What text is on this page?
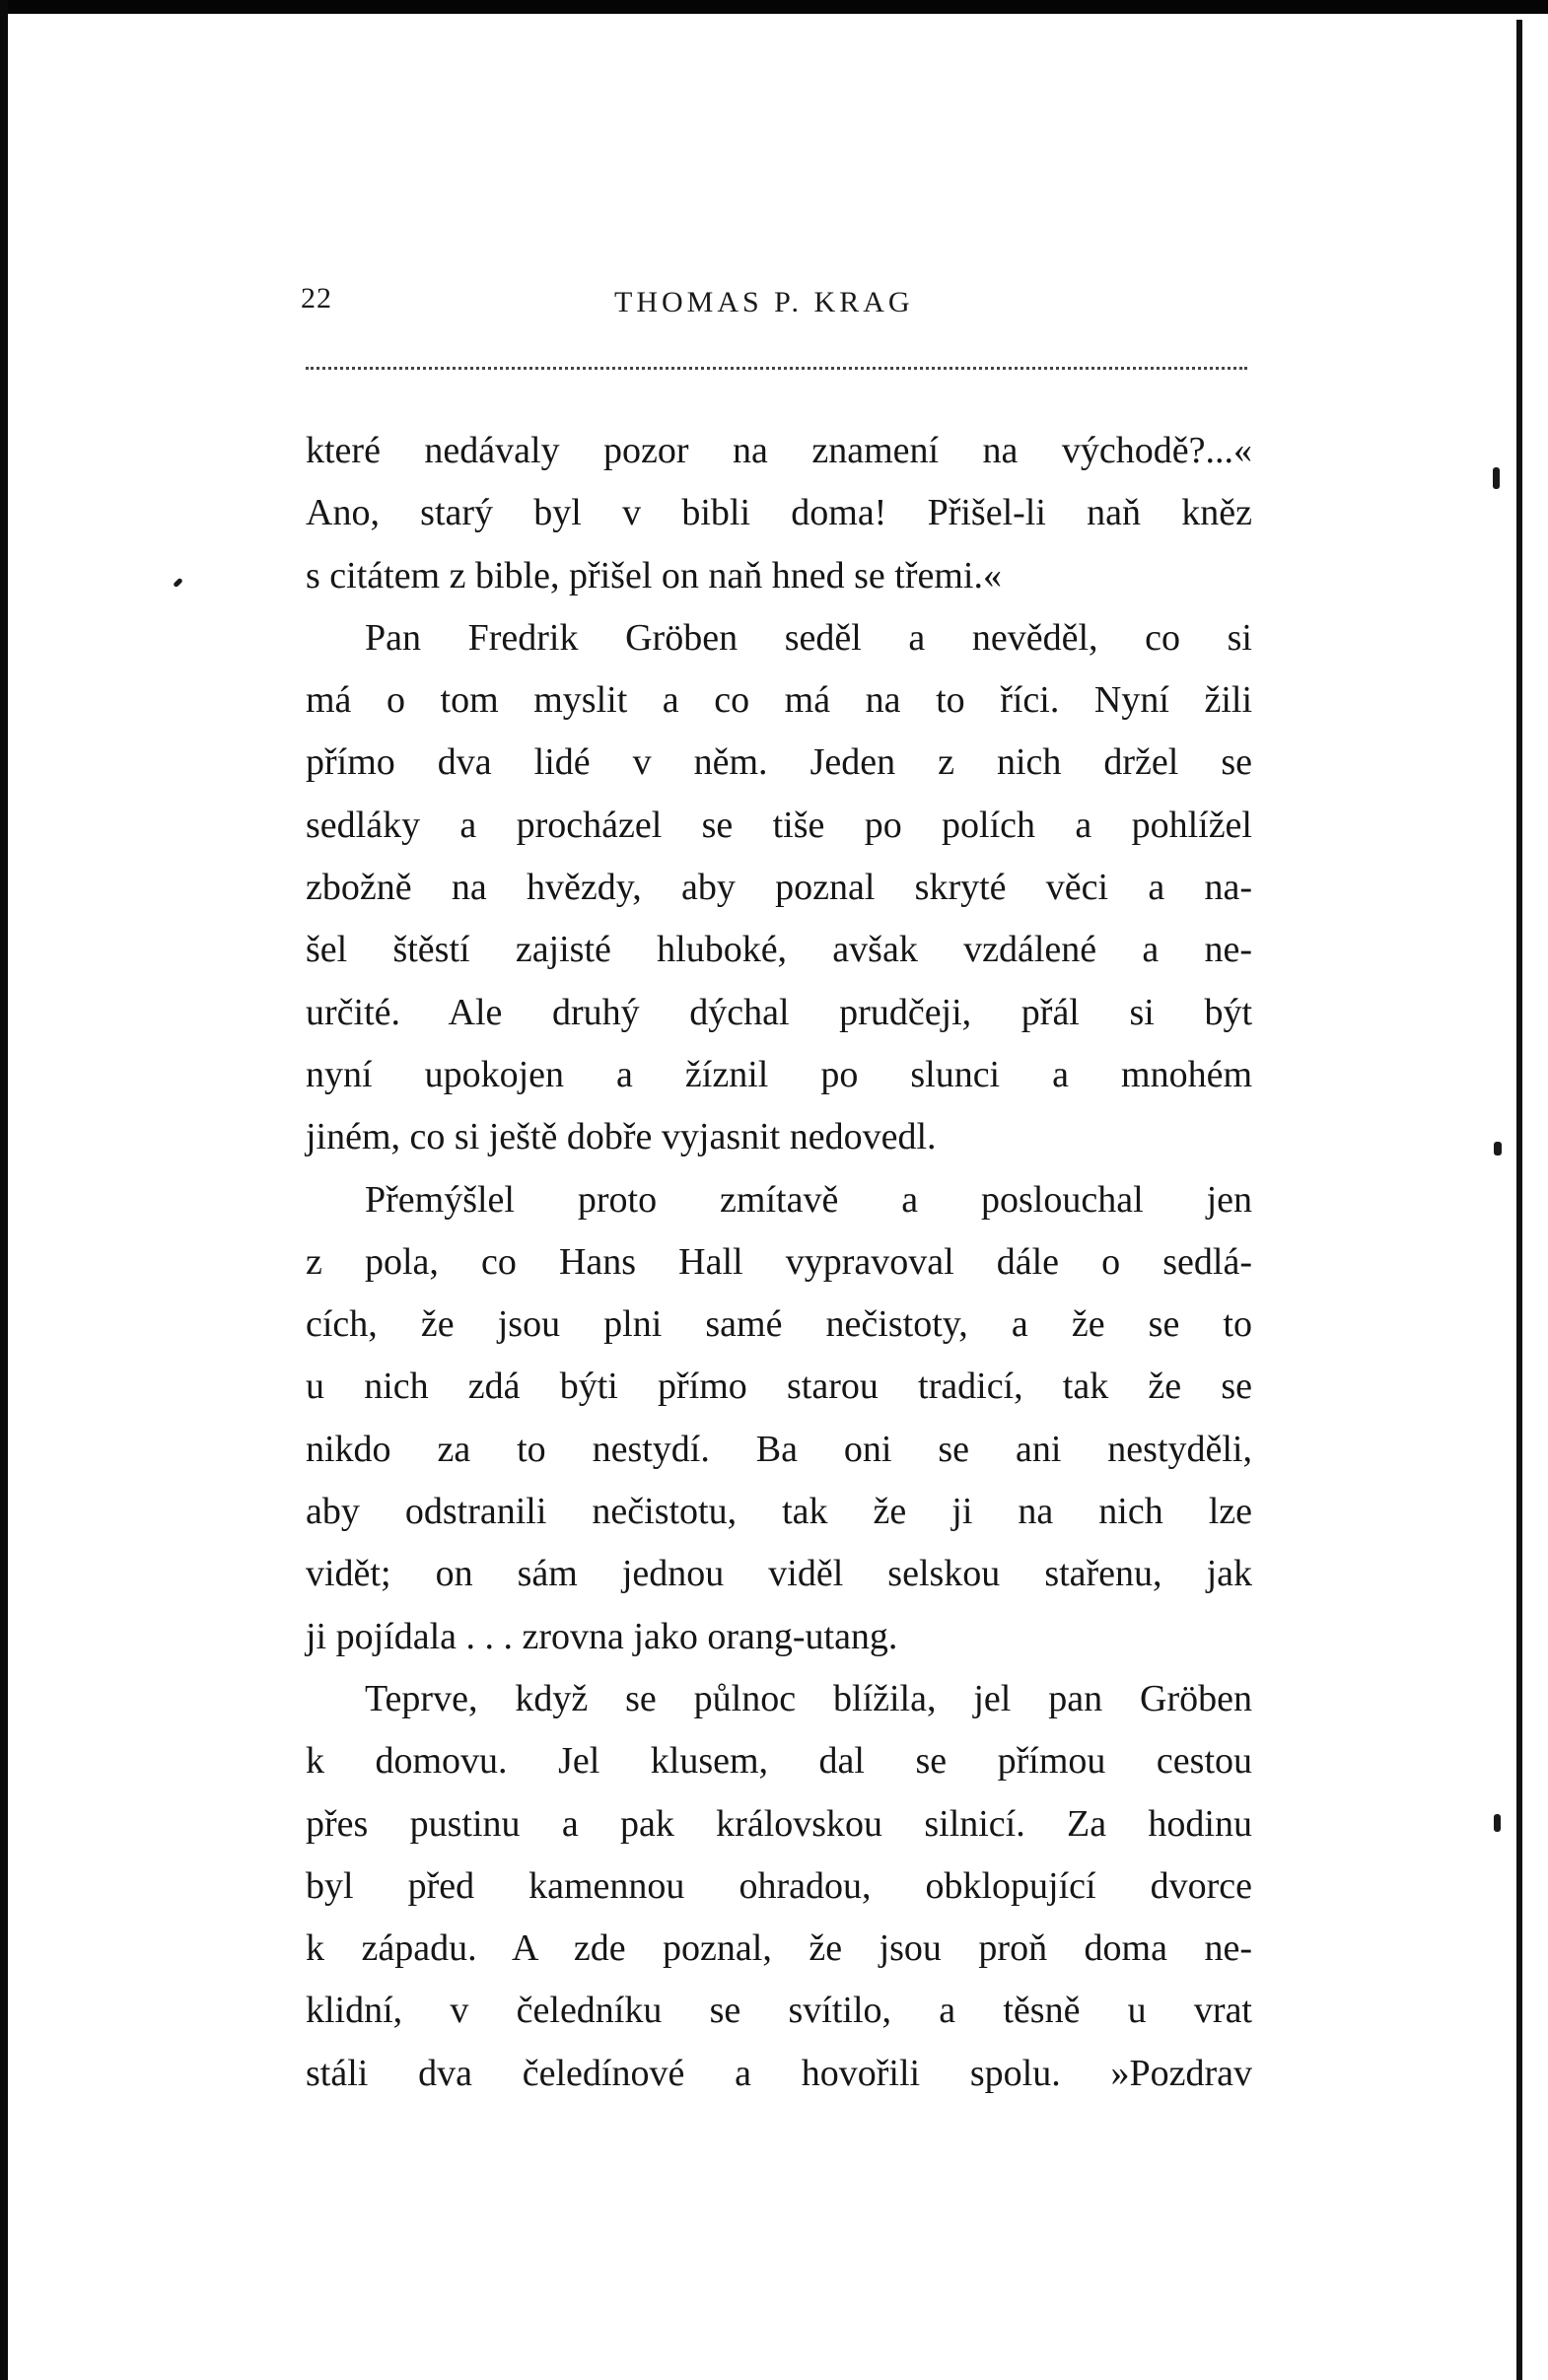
22	THOMAS P. KRAG
které nedávaly pozor na znamení na východě?...«
Ano, starý byl v bibli doma! Přišel-li naň kněz
s citátem z bible, přišel on naň hned se třemi.«
Pan Fredrik Gröben seděl a nevěděl, co si
má o tom myslit a co má na to říci. Nyní žili
přímo dva lidé v něm. Jeden z nich držel se
sedláky a procházel se tiše po polích a pohlížel
zbožně na hvězdy, aby poznal skryté věci a na-
šel štěstí zajisté hluboké, avšak vzdálené a ne-
určité. Ale druhý dýchal prudčeji, přál si být
nyní upokojen a žíznil po slunci a mnohém
jiném, co si ještě dobře vyjasnit nedovedl.
Přemýšlel proto zmítavě a poslouchal jen
z pola, co Hans Hall vypravoval dále o sedlá-
cích, že jsou plni samé nečistoty, a že se to
u nich zdá býti přímo starou tradicí, tak že se
nikdo za to nestydí. Ba oni se ani nestyděli,
aby odstranili nečistotu, tak že ji na nich lze
vidět; on sám jednou viděl selskou stařenu, jak
ji pojídala . . . zrovna jako orang-utang.
Teprve, když se půlnoc blížila, jel pan Gröben
k domovu. Jel klusem, dal se přímou cestou
přes pustinu a pak královskou silnicí. Za hodinu
byl před kamennou ohradou, obklopující dvorce
k západu. A zde poznal, že jsou proň doma ne-
klidní, v čeledníku se svítilo, a těsně u vrat
stáli dva čeledínové a hovořili spolu. »Pozdrav
